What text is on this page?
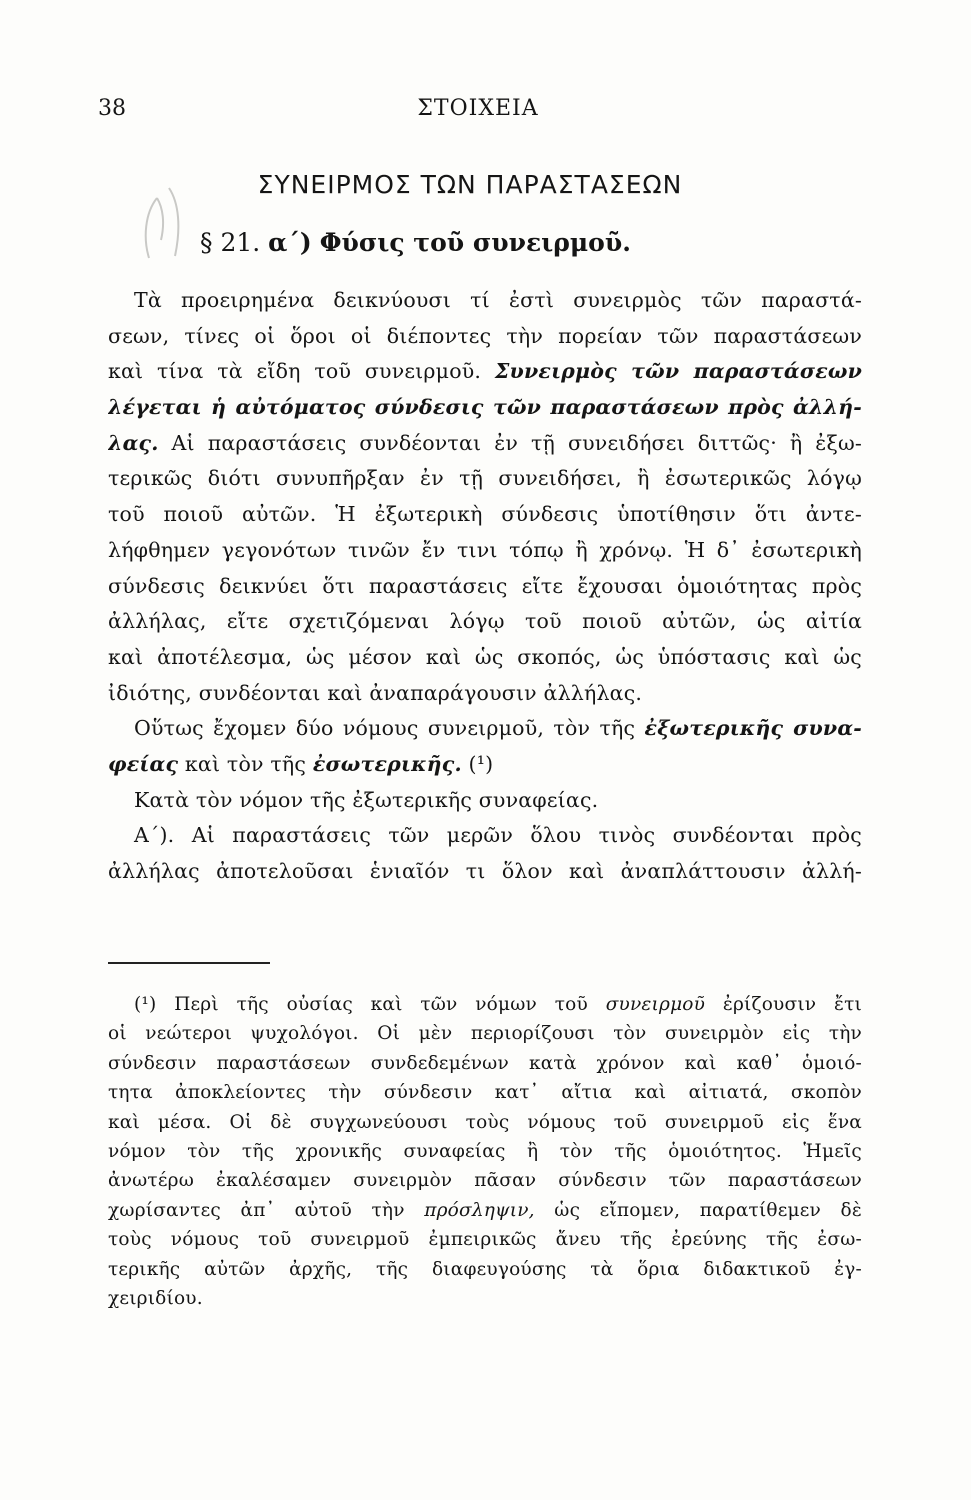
38	ΣΤΟΙΧΕΙΑ
ΣΥΝΕΙΡΜΟΣ ΤΩΝ ΠΑΡΑΣΤΑΣΕΩΝ
§ 21. α΄) Φύσις τοῦ συνειρμοῦ.
Τὰ προειρημένα δεικνύουσι τί ἐστὶ συνειρμὸς τῶν παραστά-
σεων, τίνες οἱ ὅροι οἱ διέποντες τὴν πορείαν τῶν παραστάσεων
καὶ τίνα τὰ εἴδη τοῦ συνειρμοῦ. Συνειρμὸς τῶν παραστάσεων
λέγεται ἡ αὐτόματος σύνδεσις τῶν παραστάσεων πρὸς ἀλλή-
λας. Αἱ παραστάσεις συνδέονται ἐν τῇ συνειδήσει διττῶς· ἢ ἐξω-
τερικῶς διότι συνυπῆρξαν ἐν τῇ συνειδήσει, ἢ ἐσωτερικῶς λόγῳ
τοῦ ποιοῦ αὐτῶν. Ἡ ἐξωτερικὴ σύνδεσις ὑποτίθησιν ὅτι ἀντε-
λήφθημεν γεγονότων τινῶν ἔν τινι τόπῳ ἢ χρόνῳ. Ἡ δ᾽ ἐσωτερικὴ
σύνδεσις δεικνύει ὅτι παραστάσεις εἴτε ἔχουσαι ὁμοιότητας πρὸς
ἀλλήλας, εἴτε σχετιζόμεναι λόγῳ τοῦ ποιοῦ αὐτῶν, ὡς αἰτία
καὶ ἀποτέλεσμα, ὡς μέσον καὶ ὡς σκοπός, ὡς ὑπόστασις καὶ ὡς
ἰδιότης, συνδέονται καὶ ἀναπαράγουσιν ἀλλήλας.
Οὕτως ἔχομεν δύο νόμους συνειρμοῦ, τὸν τῆς ἐξωτερικῆς συνα-
φείας καὶ τὸν τῆς ἐσωτερικῆς. (¹)
Κατὰ τὸν νόμον τῆς ἐξωτερικῆς συναφείας.
Α΄). Αἱ παραστάσεις τῶν μερῶν ὅλου τινὸς συνδέονται πρὸς
ἀλλήλας ἀποτελοῦσαι ἑνιαῖόν τι ὅλον καὶ ἀναπλάττουσιν ἀλλή-
(¹) Περὶ τῆς οὐσίας καὶ τῶν νόμων τοῦ συνειρμοῦ ἐρίζουσιν ἔτι
οἱ νεώτεροι ψυχολόγοι. Οἱ μὲν περιορίζουσι τὸν συνειρμὸν εἰς τὴν
σύνδεσιν παραστάσεων συνδεδεμένων κατὰ χρόνον καὶ καθ᾽ ὁμοιό-
τητα ἀποκλείοντες τὴν σύνδεσιν κατ᾽ αἴτια καὶ αἰτιατά, σκοπὸν
καὶ μέσα. Οἱ δὲ συγχωνεύουσι τοὺς νόμους τοῦ συνειρμοῦ εἰς ἕνα
νόμον τὸν τῆς χρονικῆς συναφείας ἢ τὸν τῆς ὁμοιότητος. Ἡμεῖς
ἀνωτέρω ἐκαλέσαμεν συνειρμὸν πᾶσαν σύνδεσιν τῶν παραστάσεων
χωρίσαντες ἀπ᾽ αὐτοῦ τὴν πρόσληψιν, ὡς εἴπομεν, παρατίθεμεν δὲ
τοὺς νόμους τοῦ συνειρμοῦ ἐμπειρικῶς ἄνευ τῆς ἐρεύνης τῆς ἐσω-
τερικῆς αὐτῶν ἀρχῆς, τῆς διαφευγούσης τὰ ὅρια διδακτικοῦ ἐγ-
χειριδίου.
